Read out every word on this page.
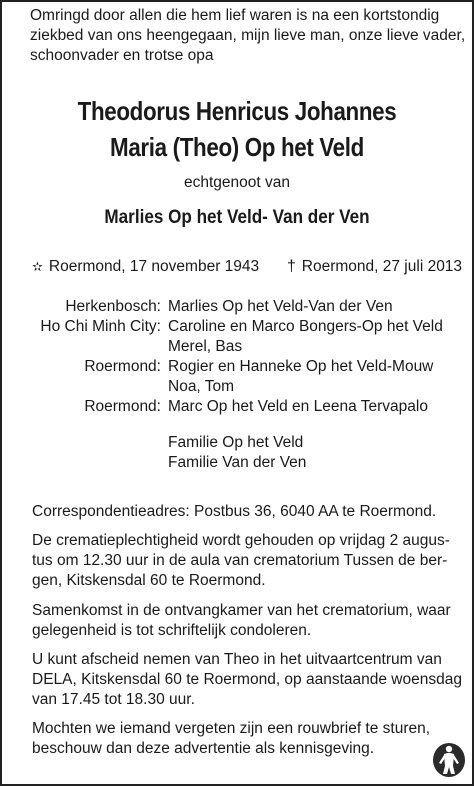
Omringd door allen die hem lief waren is na een kortstondig
ziekbed van ons heengegaan, mijn lieve man, onze lieve vader,
schoonvader en trotse opa
Theodorus Henricus Johannes
Maria (Theo) Op het Veld
echtgenoot van
Marlies Op het Veld- Van der Ven
✫ Roermond, 17 november 1943 † Roermond, 27 juli 2013
Herkenbosch: Marlies Op het Veld-Van der Ven
Ho Chi Minh City: Caroline en Marco Bongers-Op het Veld
Merel, Bas
Roermond: Rogier en Hanneke Op het Veld-Mouw
Noa, Tom
Roermond: Marc Op het Veld en Leena Tervapalo
Familie Op het Veld
Familie Van der Ven
Correspondentieadres: Postbus 36, 6040 AA te Roermond.
De crematieplechtigheid wordt gehouden op vrijdag 2 augus-
tus om 12.30 uur in de aula van crematorium Tussen de ber-
gen, Kitskensdal 60 te Roermond.
Samenkomst in de ontvangkamer van het crematorium, waar
gelegenheid is tot schriftelijk condoleren.
U kunt afscheid nemen van Theo in het uitvaartcentrum van
DELA, Kitskensdal 60 te Roermond, op aanstaande woensdag
van 17.45 tot 18.30 uur.
Mochten we iemand vergeten zijn een rouwbrief te sturen,
beschouw dan deze advertentie als kennisgeving.
